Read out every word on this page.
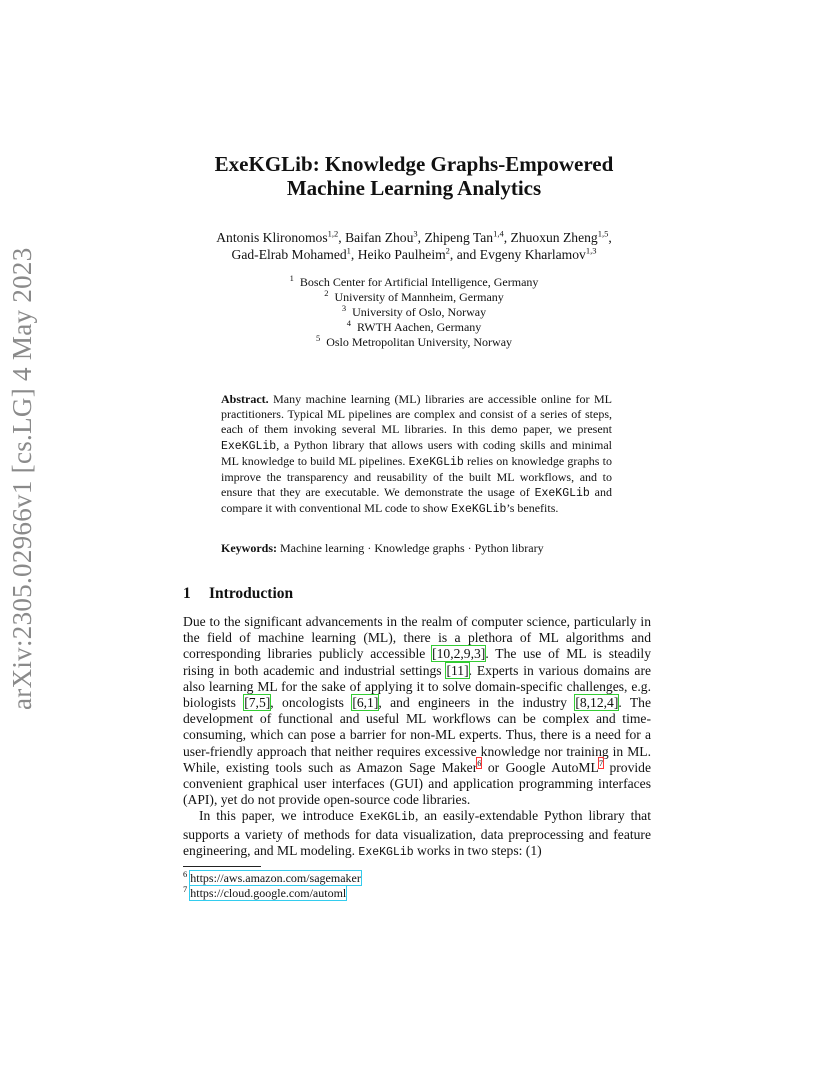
arXiv:2305.02966v1 [cs.LG] 4 May 2023
ExeKGLib: Knowledge Graphs-Empowered
Machine Learning Analytics
Antonis Klironomos$^{1,2}$, Baifan Zhou$^3$, Zhipeng Tan$^{1,4}$, Zhuoxun Zheng$^{1,5}$,
Gad-Elrab Mohamed$^1$, Heiko Paulheim$^2$, and Evgeny Kharlamov$^{1,3}$
$^1$ Bosch Center for Artificial Intelligence, Germany
$^2$ University of Mannheim, Germany
$^3$ University of Oslo, Norway
$^4$ RWTH Aachen, Germany
$^5$ Oslo Metropolitan University, Norway
Abstract. Many machine learning (ML) libraries are accessible online for ML practitioners. Typical ML pipelines are complex and consist of a series of steps, each of them invoking several ML libraries. In this demo paper, we present ExeKGLib, a Python library that allows users with coding skills and minimal ML knowledge to build ML pipelines. ExeKGLib relies on knowledge graphs to improve the transparency and reusability of the built ML workflows, and to ensure that they are executable. We demonstrate the usage of ExeKGLib and compare it with conventional ML code to show ExeKGLib’s benefits.
Keywords: Machine learning · Knowledge graphs · Python library
1 Introduction

Due to the significant advancements in the realm of computer science, particularly in the field of machine learning (ML), there is a plethora of ML algorithms and corresponding libraries publicly accessible [10,2,9,3]. The use of ML is steadily rising in both academic and industrial settings [11]. Experts in various domains are also learning ML for the sake of applying it to solve domain-specific challenges, e.g. biologists [7,5], oncologists [6,1], and engineers in the industry [8,12,4]. The development of functional and useful ML workflows can be complex and time-consuming, which can pose a barrier for non-ML experts. Thus, there is a need for a user-friendly approach that neither requires excessive knowledge nor training in ML. While, existing tools such as Amazon Sage Maker$^6$ or Google AutoML$^7$ provide convenient graphical user interfaces (GUI) and application programming interfaces (API), yet do not provide open-source code libraries.

In this paper, we introduce ExeKGLib, an easily-extendable Python library that supports a variety of methods for data visualization, data preprocessing and feature engineering, and ML modeling. ExeKGLib works in two steps: (1)

$^6$ https://aws.amazon.com/sagemaker
$^7$ https://cloud.google.com/automl
